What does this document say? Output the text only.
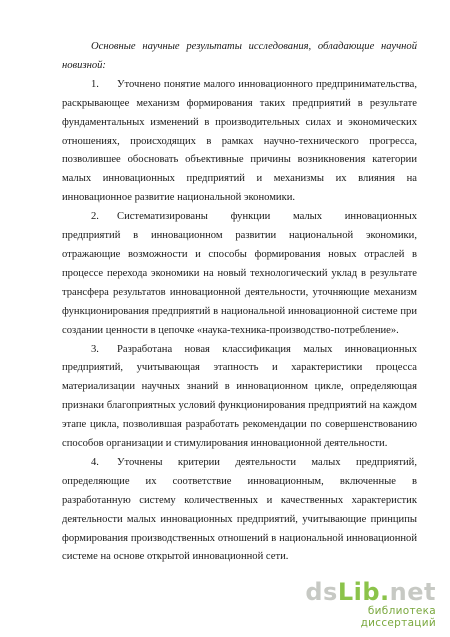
Основные научные результаты исследования, обладающие научной новизной:

1. Уточнено понятие малого инновационного предпринимательства, раскрывающее механизм формирования таких предприятий в результате фундаментальных изменений в производительных силах и экономических отношениях, происходящих в рамках научно-технического прогресса, позволившее обосновать объективные причины возникновения категории малых инновационных предприятий и механизмы их влияния на инновационное развитие национальной экономики.

2. Систематизированы функции малых инновационных предприятий в инновационном развитии национальной экономики, отражающие возможности и способы формирования новых отраслей в процессе перехода экономики на новый технологический уклад в результате трансфера результатов инновационной деятельности, уточняющие механизм функционирования предприятий в национальной инновационной системе при создании ценности в цепочке «наука-техника-производство-потребление».

3. Разработана новая классификация малых инновационных предприятий, учитывающая этапность и характеристики процесса материализации научных знаний в инновационном цикле, определяющая признаки благоприятных условий функционирования предприятий на каждом этапе цикла, позволившая разработать рекомендации по совершенствованию способов организации и стимулирования инновационной деятельности.

4. Уточнены критерии деятельности малых предприятий, определяющие их соответствие инновационным, включенные в разработанную систему количественных и качественных характеристик деятельности малых инновационных предприятий, учитывающие принципы формирования производственных отношений в национальной инновационной системе на основе открытой инновационной сети.

dsLib.net
библиотека диссертаций
